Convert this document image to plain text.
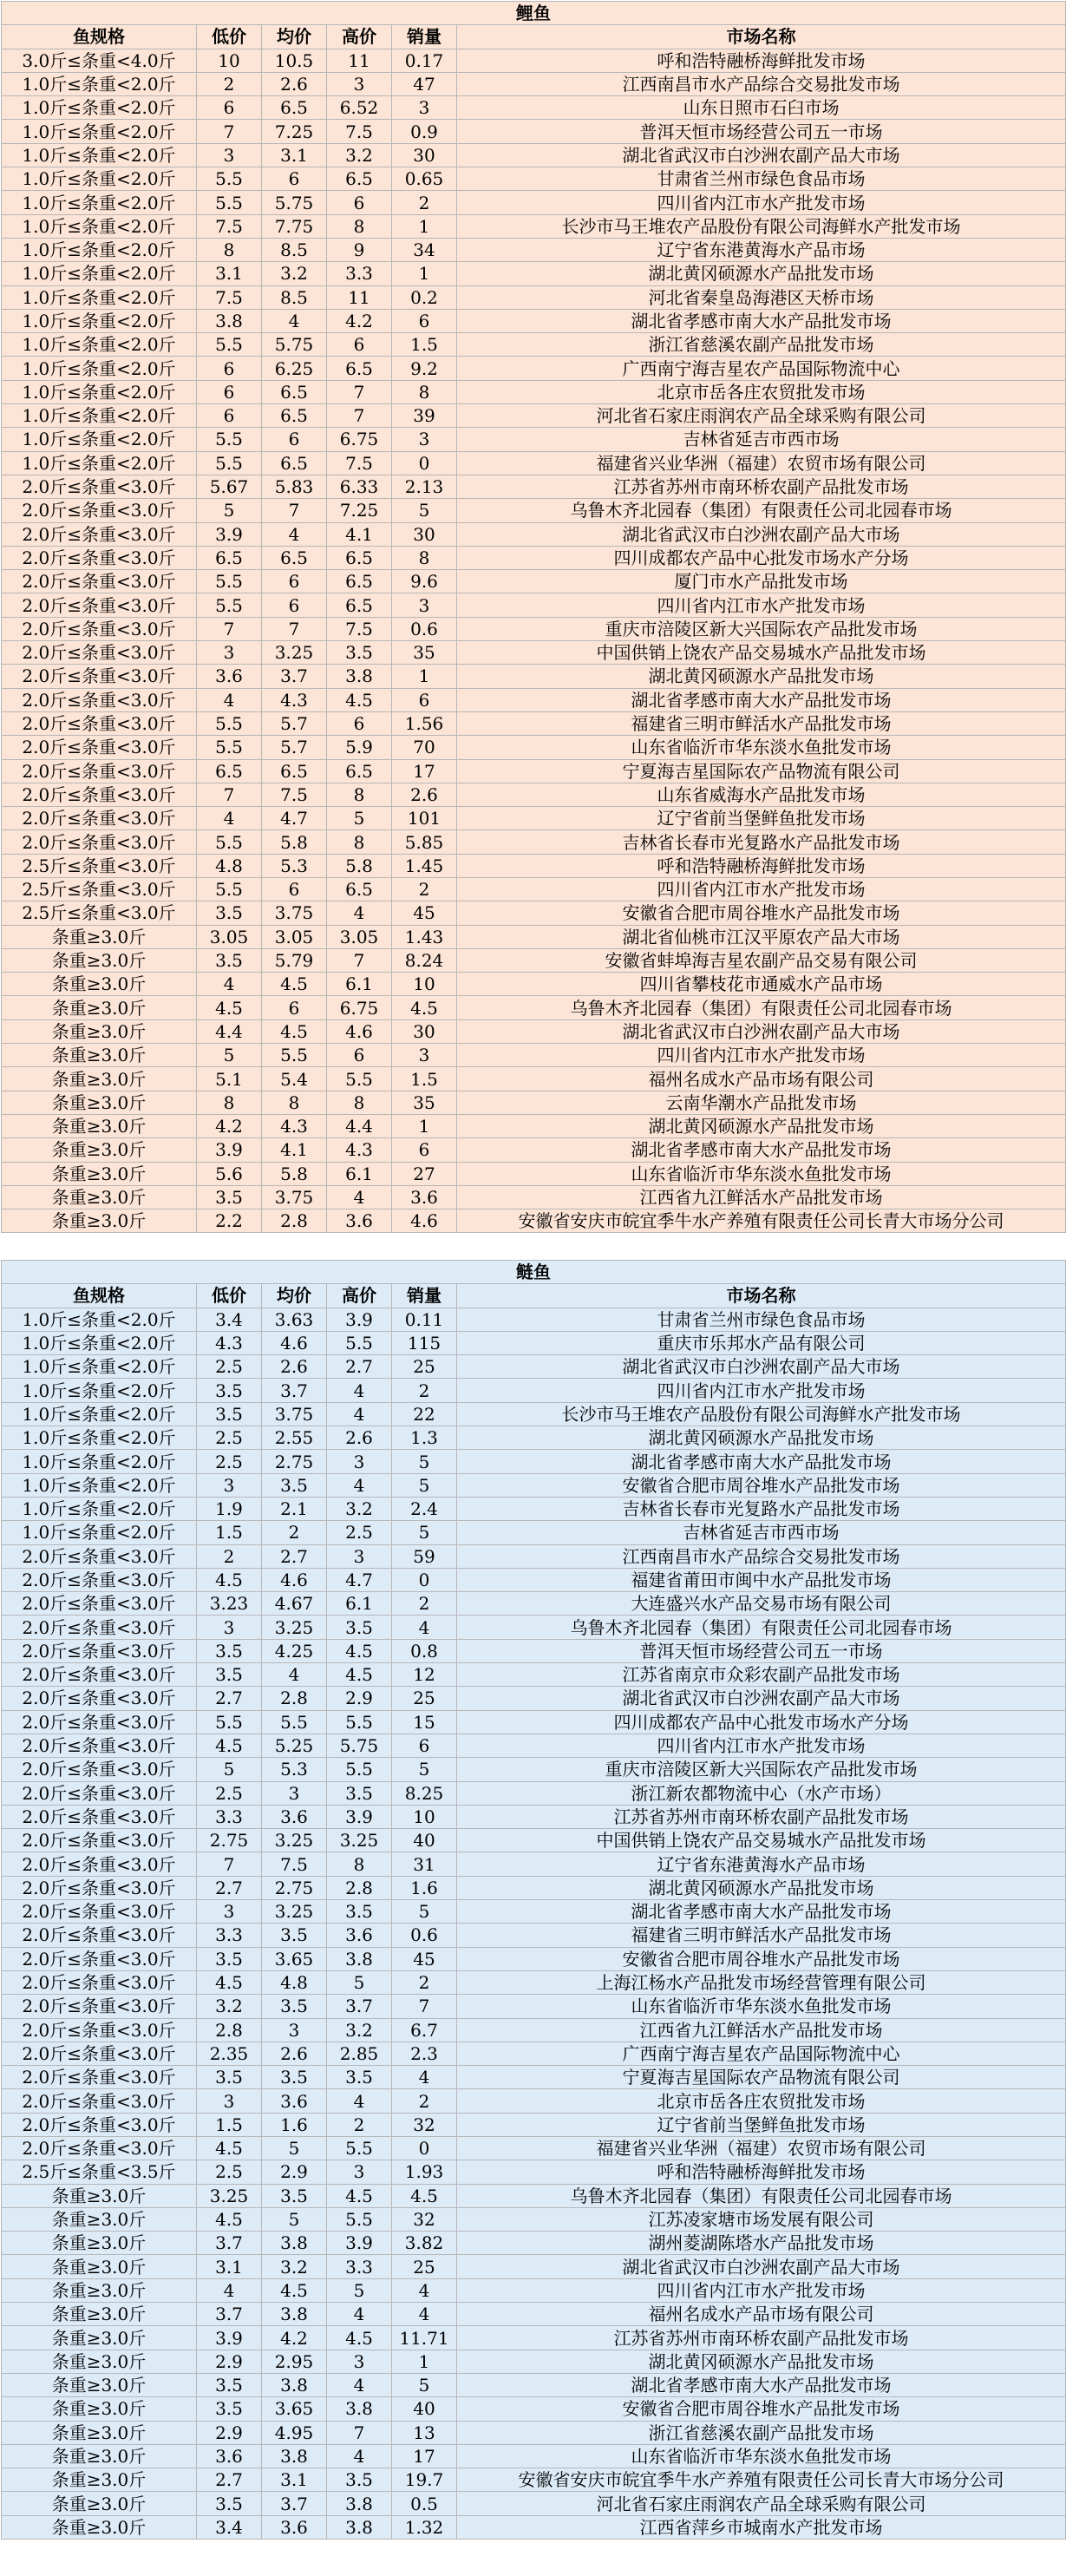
鲤鱼					
鱼规格	低价	均价	高价	销量	市场名称
3.0斤≤条重<4.0斤	10	10.5	11	0.17	呼和浩特融桥海鲜批发市场
1.0斤≤条重<2.0斤	2	2.6	3	47	江西南昌市水产品综合交易批发市场
1.0斤≤条重<2.0斤	6	6.5	6.52	3	山东日照市石臼市场
1.0斤≤条重<2.0斤	7	7.25	7.5	0.9	普洱天恒市场经营公司五一市场
1.0斤≤条重<2.0斤	3	3.1	3.2	30	湖北省武汉市白沙洲农副产品大市场
1.0斤≤条重<2.0斤	5.5	6	6.5	0.65	甘肃省兰州市绿色食品市场
1.0斤≤条重<2.0斤	5.5	5.75	6	2	四川省内江市水产批发市场
1.0斤≤条重<2.0斤	7.5	7.75	8	1	长沙市马王堆农产品股份有限公司海鲜水产批发市场
1.0斤≤条重<2.0斤	8	8.5	9	34	辽宁省东港黄海水产品市场
1.0斤≤条重<2.0斤	3.1	3.2	3.3	1	湖北黄冈硕源水产品批发市场
1.0斤≤条重<2.0斤	7.5	8.5	11	0.2	河北省秦皇岛海港区天桥市场
1.0斤≤条重<2.0斤	3.8	4	4.2	6	湖北省孝感市南大水产品批发市场
1.0斤≤条重<2.0斤	5.5	5.75	6	1.5	浙江省慈溪农副产品批发市场
1.0斤≤条重<2.0斤	6	6.25	6.5	9.2	广西南宁海吉星农产品国际物流中心
1.0斤≤条重<2.0斤	6	6.5	7	8	北京市岳各庄农贸批发市场
1.0斤≤条重<2.0斤	6	6.5	7	39	河北省石家庄雨润农产品全球采购有限公司
1.0斤≤条重<2.0斤	5.5	6	6.75	3	吉林省延吉市西市场
1.0斤≤条重<2.0斤	5.5	6.5	7.5	0	福建省兴业华洲（福建）农贸市场有限公司
2.0斤≤条重<3.0斤	5.67	5.83	6.33	2.13	江苏省苏州市南环桥农副产品批发市场
2.0斤≤条重<3.0斤	5	7	7.25	5	乌鲁木齐北园春（集团）有限责任公司北园春市场
2.0斤≤条重<3.0斤	3.9	4	4.1	30	湖北省武汉市白沙洲农副产品大市场
2.0斤≤条重<3.0斤	6.5	6.5	6.5	8	四川成都农产品中心批发市场水产分场
2.0斤≤条重<3.0斤	5.5	6	6.5	9.6	厦门市水产品批发市场
2.0斤≤条重<3.0斤	5.5	6	6.5	3	四川省内江市水产批发市场
2.0斤≤条重<3.0斤	7	7	7.5	0.6	重庆市涪陵区新大兴国际农产品批发市场
2.0斤≤条重<3.0斤	3	3.25	3.5	35	中国供销上饶农产品交易城水产品批发市场
2.0斤≤条重<3.0斤	3.6	3.7	3.8	1	湖北黄冈硕源水产品批发市场
2.0斤≤条重<3.0斤	4	4.3	4.5	6	湖北省孝感市南大水产品批发市场
2.0斤≤条重<3.0斤	5.5	5.7	6	1.56	福建省三明市鲜活水产品批发市场
2.0斤≤条重<3.0斤	5.5	5.7	5.9	70	山东省临沂市华东淡水鱼批发市场
2.0斤≤条重<3.0斤	6.5	6.5	6.5	17	宁夏海吉星国际农产品物流有限公司
2.0斤≤条重<3.0斤	7	7.5	8	2.6	山东省威海水产品批发市场
2.0斤≤条重<3.0斤	4	4.7	5	101	辽宁省前当堡鲜鱼批发市场
2.0斤≤条重<3.0斤	5.5	5.8	8	5.85	吉林省长春市光复路水产品批发市场
2.5斤≤条重<3.0斤	4.8	5.3	5.8	1.45	呼和浩特融桥海鲜批发市场
2.5斤≤条重<3.0斤	5.5	6	6.5	2	四川省内江市水产批发市场
2.5斤≤条重<3.0斤	3.5	3.75	4	45	安徽省合肥市周谷堆水产品批发市场
条重≥3.0斤	3.05	3.05	3.05	1.43	湖北省仙桃市江汉平原农产品大市场
条重≥3.0斤	3.5	5.79	7	8.24	安徽省蚌埠海吉星农副产品交易有限公司
条重≥3.0斤	4	4.5	6.1	10	四川省攀枝花市通威水产品市场
条重≥3.0斤	4.5	6	6.75	4.5	乌鲁木齐北园春（集团）有限责任公司北园春市场
条重≥3.0斤	4.4	4.5	4.6	30	湖北省武汉市白沙洲农副产品大市场
条重≥3.0斤	5	5.5	6	3	四川省内江市水产批发市场
条重≥3.0斤	5.1	5.4	5.5	1.5	福州名成水产品市场有限公司
条重≥3.0斤	8	8	8	35	云南华潮水产品批发市场
条重≥3.0斤	4.2	4.3	4.4	1	湖北黄冈硕源水产品批发市场
条重≥3.0斤	3.9	4.1	4.3	6	湖北省孝感市南大水产品批发市场
条重≥3.0斤	5.6	5.8	6.1	27	山东省临沂市华东淡水鱼批发市场
条重≥3.0斤	3.5	3.75	4	3.6	江西省九江鲜活水产品批发市场
条重≥3.0斤	2.2	2.8	3.6	4.6	安徽省安庆市皖宜季牛水产养殖有限责任公司长青大市场分公司
鲢鱼					
鱼规格	低价	均价	高价	销量	市场名称
1.0斤≤条重<2.0斤	3.4	3.63	3.9	0.11	甘肃省兰州市绿色食品市场
1.0斤≤条重<2.0斤	4.3	4.6	5.5	115	重庆市乐邦水产品有限公司
1.0斤≤条重<2.0斤	2.5	2.6	2.7	25	湖北省武汉市白沙洲农副产品大市场
1.0斤≤条重<2.0斤	3.5	3.7	4	2	四川省内江市水产批发市场
1.0斤≤条重<2.0斤	3.5	3.75	4	22	长沙市马王堆农产品股份有限公司海鲜水产批发市场
1.0斤≤条重<2.0斤	2.5	2.55	2.6	1.3	湖北黄冈硕源水产品批发市场
1.0斤≤条重<2.0斤	2.5	2.75	3	5	湖北省孝感市南大水产品批发市场
1.0斤≤条重<2.0斤	3	3.5	4	5	安徽省合肥市周谷堆水产品批发市场
1.0斤≤条重<2.0斤	1.9	2.1	3.2	2.4	吉林省长春市光复路水产品批发市场
1.0斤≤条重<2.0斤	1.5	2	2.5	5	吉林省延吉市西市场
2.0斤≤条重<3.0斤	2	2.7	3	59	江西南昌市水产品综合交易批发市场
2.0斤≤条重<3.0斤	4.5	4.6	4.7	0	福建省莆田市闽中水产品批发市场
2.0斤≤条重<3.0斤	3.23	4.67	6.1	2	大连盛兴水产品交易市场有限公司
2.0斤≤条重<3.0斤	3	3.25	3.5	4	乌鲁木齐北园春（集团）有限责任公司北园春市场
2.0斤≤条重<3.0斤	3.5	4.25	4.5	0.8	普洱天恒市场经营公司五一市场
2.0斤≤条重<3.0斤	3.5	4	4.5	12	江苏省南京市众彩农副产品批发市场
2.0斤≤条重<3.0斤	2.7	2.8	2.9	25	湖北省武汉市白沙洲农副产品大市场
2.0斤≤条重<3.0斤	5.5	5.5	5.5	15	四川成都农产品中心批发市场水产分场
2.0斤≤条重<3.0斤	4.5	5.25	5.75	6	四川省内江市水产批发市场
2.0斤≤条重<3.0斤	5	5.3	5.5	5	重庆市涪陵区新大兴国际农产品批发市场
2.0斤≤条重<3.0斤	2.5	3	3.5	8.25	浙江新农都物流中心（水产市场）
2.0斤≤条重<3.0斤	3.3	3.6	3.9	10	江苏省苏州市南环桥农副产品批发市场
2.0斤≤条重<3.0斤	2.75	3.25	3.25	40	中国供销上饶农产品交易城水产品批发市场
2.0斤≤条重<3.0斤	7	7.5	8	31	辽宁省东港黄海水产品市场
2.0斤≤条重<3.0斤	2.7	2.75	2.8	1.6	湖北黄冈硕源水产品批发市场
2.0斤≤条重<3.0斤	3	3.25	3.5	5	湖北省孝感市南大水产品批发市场
2.0斤≤条重<3.0斤	3.3	3.5	3.6	0.6	福建省三明市鲜活水产品批发市场
2.0斤≤条重<3.0斤	3.5	3.65	3.8	45	安徽省合肥市周谷堆水产品批发市场
2.0斤≤条重<3.0斤	4.5	4.8	5	2	上海江杨水产品批发市场经营管理有限公司
2.0斤≤条重<3.0斤	3.2	3.5	3.7	7	山东省临沂市华东淡水鱼批发市场
2.0斤≤条重<3.0斤	2.8	3	3.2	6.7	江西省九江鲜活水产品批发市场
2.0斤≤条重<3.0斤	2.35	2.6	2.85	2.3	广西南宁海吉星农产品国际物流中心
2.0斤≤条重<3.0斤	3.5	3.5	3.5	4	宁夏海吉星国际农产品物流有限公司
2.0斤≤条重<3.0斤	3	3.6	4	2	北京市岳各庄农贸批发市场
2.0斤≤条重<3.0斤	1.5	1.6	2	32	辽宁省前当堡鲜鱼批发市场
2.0斤≤条重<3.0斤	4.5	5	5.5	0	福建省兴业华洲（福建）农贸市场有限公司
2.5斤≤条重<3.5斤	2.5	2.9	3	1.93	呼和浩特融桥海鲜批发市场
条重≥3.0斤	3.25	3.5	4.5	4.5	乌鲁木齐北园春（集团）有限责任公司北园春市场
条重≥3.0斤	4.5	5	5.5	32	江苏凌家塘市场发展有限公司
条重≥3.0斤	3.7	3.8	3.9	3.82	湖州菱湖陈塔水产品批发市场
条重≥3.0斤	3.1	3.2	3.3	25	湖北省武汉市白沙洲农副产品大市场
条重≥3.0斤	4	4.5	5	4	四川省内江市水产批发市场
条重≥3.0斤	3.7	3.8	4	4	福州名成水产品市场有限公司
条重≥3.0斤	3.9	4.2	4.5	11.71	江苏省苏州市南环桥农副产品批发市场
条重≥3.0斤	2.9	2.95	3	1	湖北黄冈硕源水产品批发市场
条重≥3.0斤	3.5	3.8	4	5	湖北省孝感市南大水产品批发市场
条重≥3.0斤	3.5	3.65	3.8	40	安徽省合肥市周谷堆水产品批发市场
条重≥3.0斤	2.9	4.95	7	13	浙江省慈溪农副产品批发市场
条重≥3.0斤	3.6	3.8	4	17	山东省临沂市华东淡水鱼批发市场
条重≥3.0斤	2.7	3.1	3.5	19.7	安徽省安庆市皖宜季牛水产养殖有限责任公司长青大市场分公司
条重≥3.0斤	3.5	3.7	3.8	0.5	河北省石家庄雨润农产品全球采购有限公司
条重≥3.0斤	3.4	3.6	3.8	1.32	江西省萍乡市城南水产批发市场
